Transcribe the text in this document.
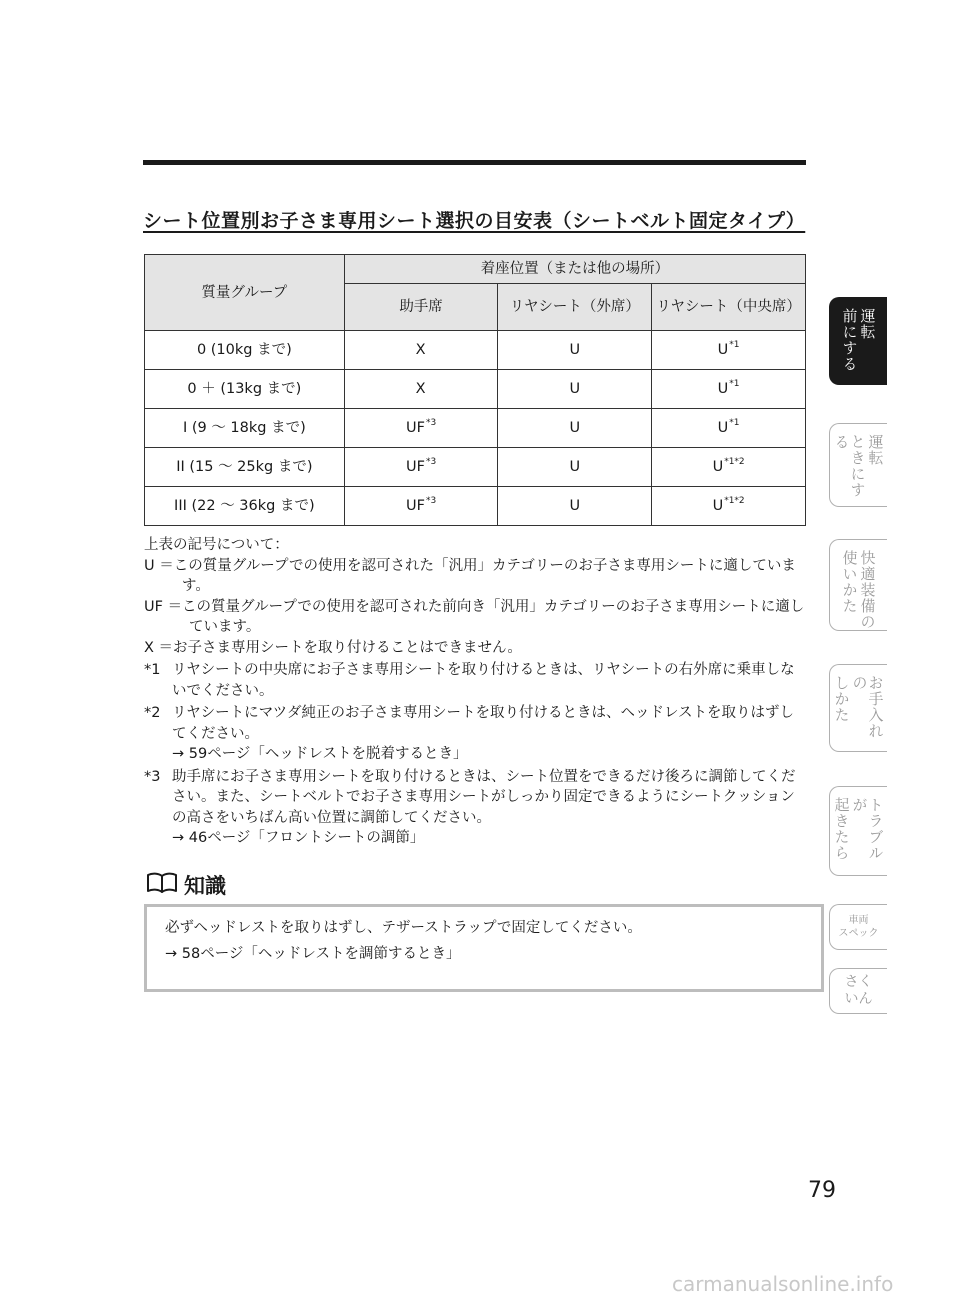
シート位置別お子さま専用シート選択の目安表（シートベルト固定タイプ）
質量グループ	着座位置（または他の場所）		
	助手席	リヤシート（外席）	リヤシート（中央席）
0 (10kg まで)	X	U	$U^{*1}$
0 ＋ (13kg まで)	X	U	$U^{*1}$
I (9 〜 18kg まで)	UF$^{*3}$	U	$U^{*1}$
II (15 〜 25kg まで)	UF$^{*3}$	U	$U^{*1*2}$
III (22 〜 36kg まで)	UF$^{*3}$	U	$U^{*1*2}$

上表の記号について：

U ＝この質量グループでの使用を認可された「汎用」カテゴリーのお子さま専用シートに適しています。

UF ＝この質量グループでの使用を認可された前向き「汎用」カテゴリーのお子さま専用シートに適しています。

X ＝お子さま専用シートを取り付けることはできません。

*1 リヤシートの中央席にお子さま専用シートを取り付けるときは、リヤシートの右外席に乗車しないでください。

*2 リヤシートにマツダ純正のお子さま専用シートを取り付けるときは、ヘッドレストを取りはずしてください。

→ 59ページ「ヘッドレストを脱着するとき」

*3 助手席にお子さま専用シートを取り付けるときは、シート位置をできるだけ後ろに調節してください。また、シートベルトでお子さま専用シートがしっかり固定できるようにシートクッションの高さをいちばん高い位置に調節してください。

→ 46ページ「フロントシートの調節」

知識

必ずヘッドレストを取りはずし、テザーストラップで固定してください。

→ 58ページ「ヘッドレストを調節するとき」

運転
前にする
運転
ときにする
快適装備の
使いかた
お手入れの
しかた
トラブルが
起きたら
車両
スペック
さく
いん
79
carmanualsonline.info
